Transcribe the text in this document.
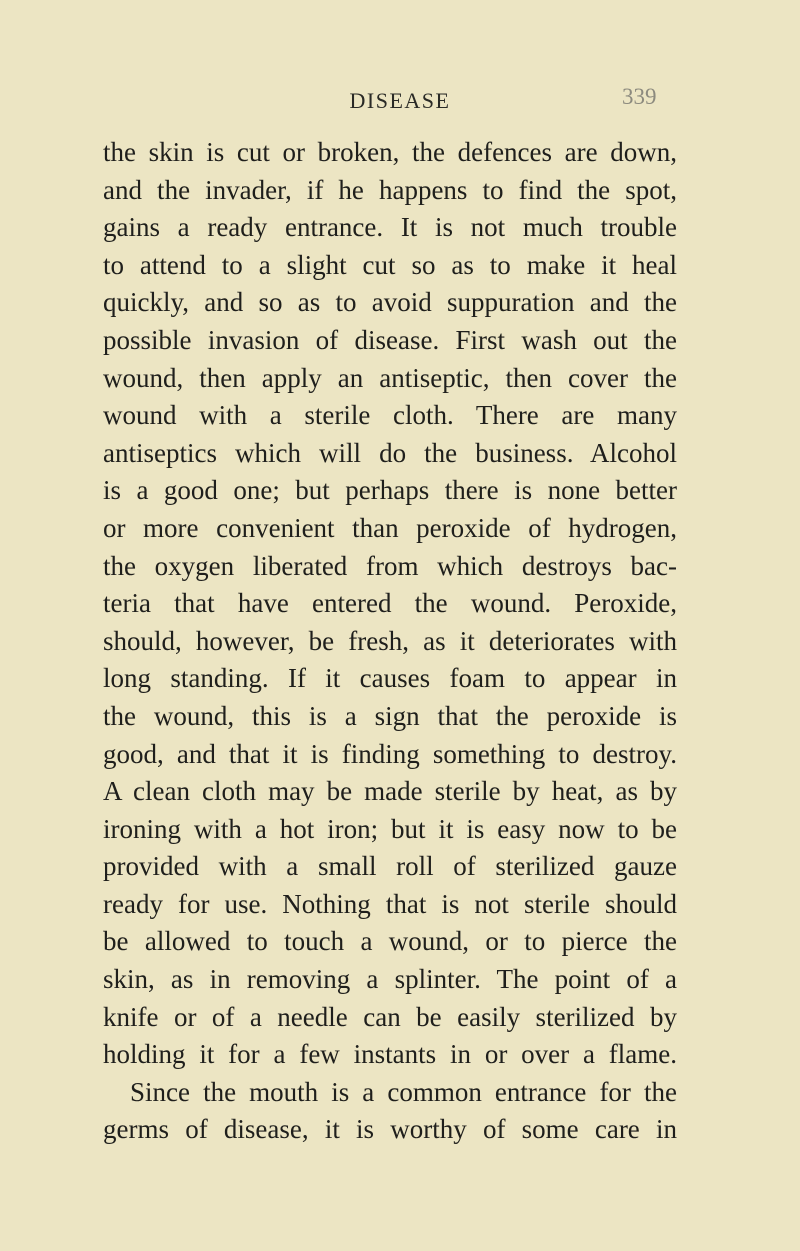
DISEASE	339
the skin is cut or broken, the defences are down,
and the invader, if he happens to find the spot,
gains a ready entrance. It is not much trouble
to attend to a slight cut so as to make it heal
quickly, and so as to avoid suppuration and the
possible invasion of disease. First wash out the
wound, then apply an antiseptic, then cover the
wound with a sterile cloth. There are many
antiseptics which will do the business. Alcohol
is a good one; but perhaps there is none better
or more convenient than peroxide of hydrogen,
the oxygen liberated from which destroys bac-
teria that have entered the wound. Peroxide,
should, however, be fresh, as it deteriorates with
long standing. If it causes foam to appear in
the wound, this is a sign that the peroxide is
good, and that it is finding something to destroy.
A clean cloth may be made sterile by heat, as by
ironing with a hot iron; but it is easy now to be
provided with a small roll of sterilized gauze
ready for use. Nothing that is not sterile should
be allowed to touch a wound, or to pierce the
skin, as in removing a splinter. The point of a
knife or of a needle can be easily sterilized by
holding it for a few instants in or over a flame.
Since the mouth is a common entrance for the
germs of disease, it is worthy of some care in
